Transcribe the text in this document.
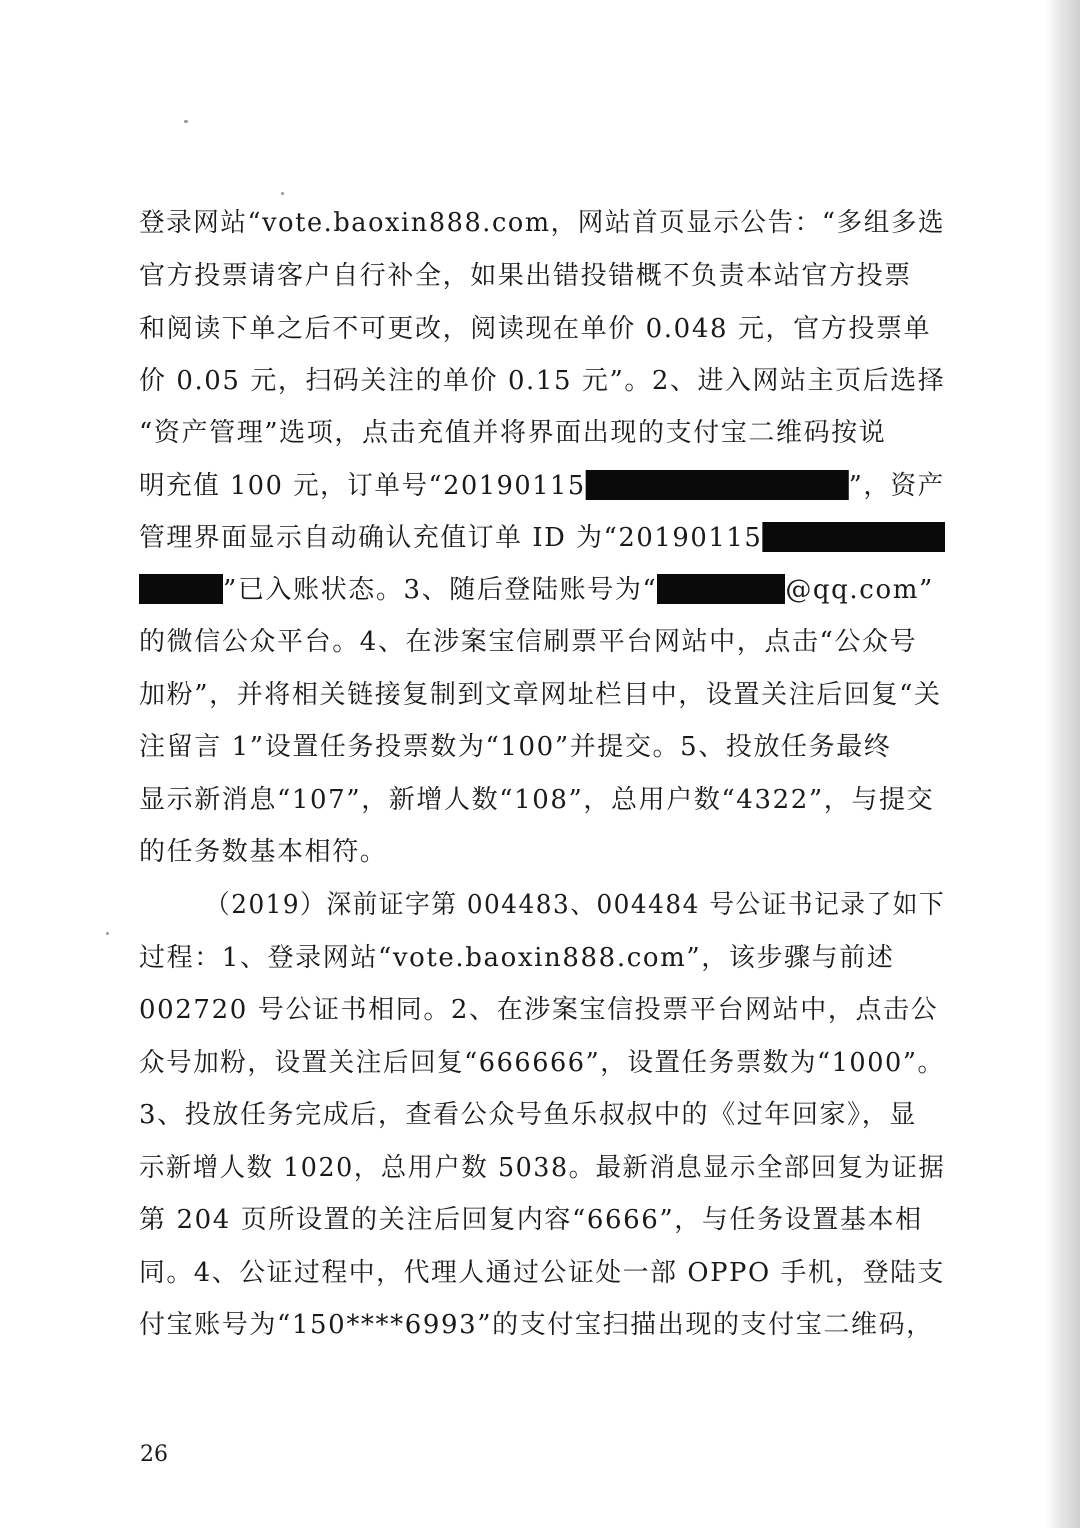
登录网站“vote.baoxin888.com，网站首页显示公告：“多组多选
官方投票请客户自行补全，如果出错投错概不负责本站官方投票
和阅读下单之后不可更改，阅读现在单价 0.048 元，官方投票单
价 0.05 元，扫码关注的单价 0.15 元”。2、进入网站主页后选择
“资产管理”选项，点击充值并将界面出现的支付宝二维码按说
明充值 100 元，订单号“20190115	”，资产
管理界面显示自动确认充值订单 ID 为“20190115
”已入账状态。3、随后登陆账号为“	@qq.com”
的微信公众平台。4、在涉案宝信刷票平台网站中，点击“公众号
加粉”，并将相关链接复制到文章网址栏目中，设置关注后回复“关
注留言 1”设置任务投票数为“100”并提交。5、投放任务最终
显示新消息“107”，新增人数“108”，总用户数“4322”，与提交
的任务数基本相符。
（2019）深前证字第 004483、004484 号公证书记录了如下
过程：1、登录网站“vote.baoxin888.com”，该步骤与前述
002720 号公证书相同。2、在涉案宝信投票平台网站中，点击公
众号加粉，设置关注后回复“666666”，设置任务票数为“1000”。
3、投放任务完成后，查看公众号鱼乐叔叔中的《过年回家》，显
示新增人数 1020，总用户数 5038。最新消息显示全部回复为证据
第 204 页所设置的关注后回复内容“6666”，与任务设置基本相
同。4、公证过程中，代理人通过公证处一部 OPPO 手机，登陆支
付宝账号为“150****6993”的支付宝扫描出现的支付宝二维码，
26
